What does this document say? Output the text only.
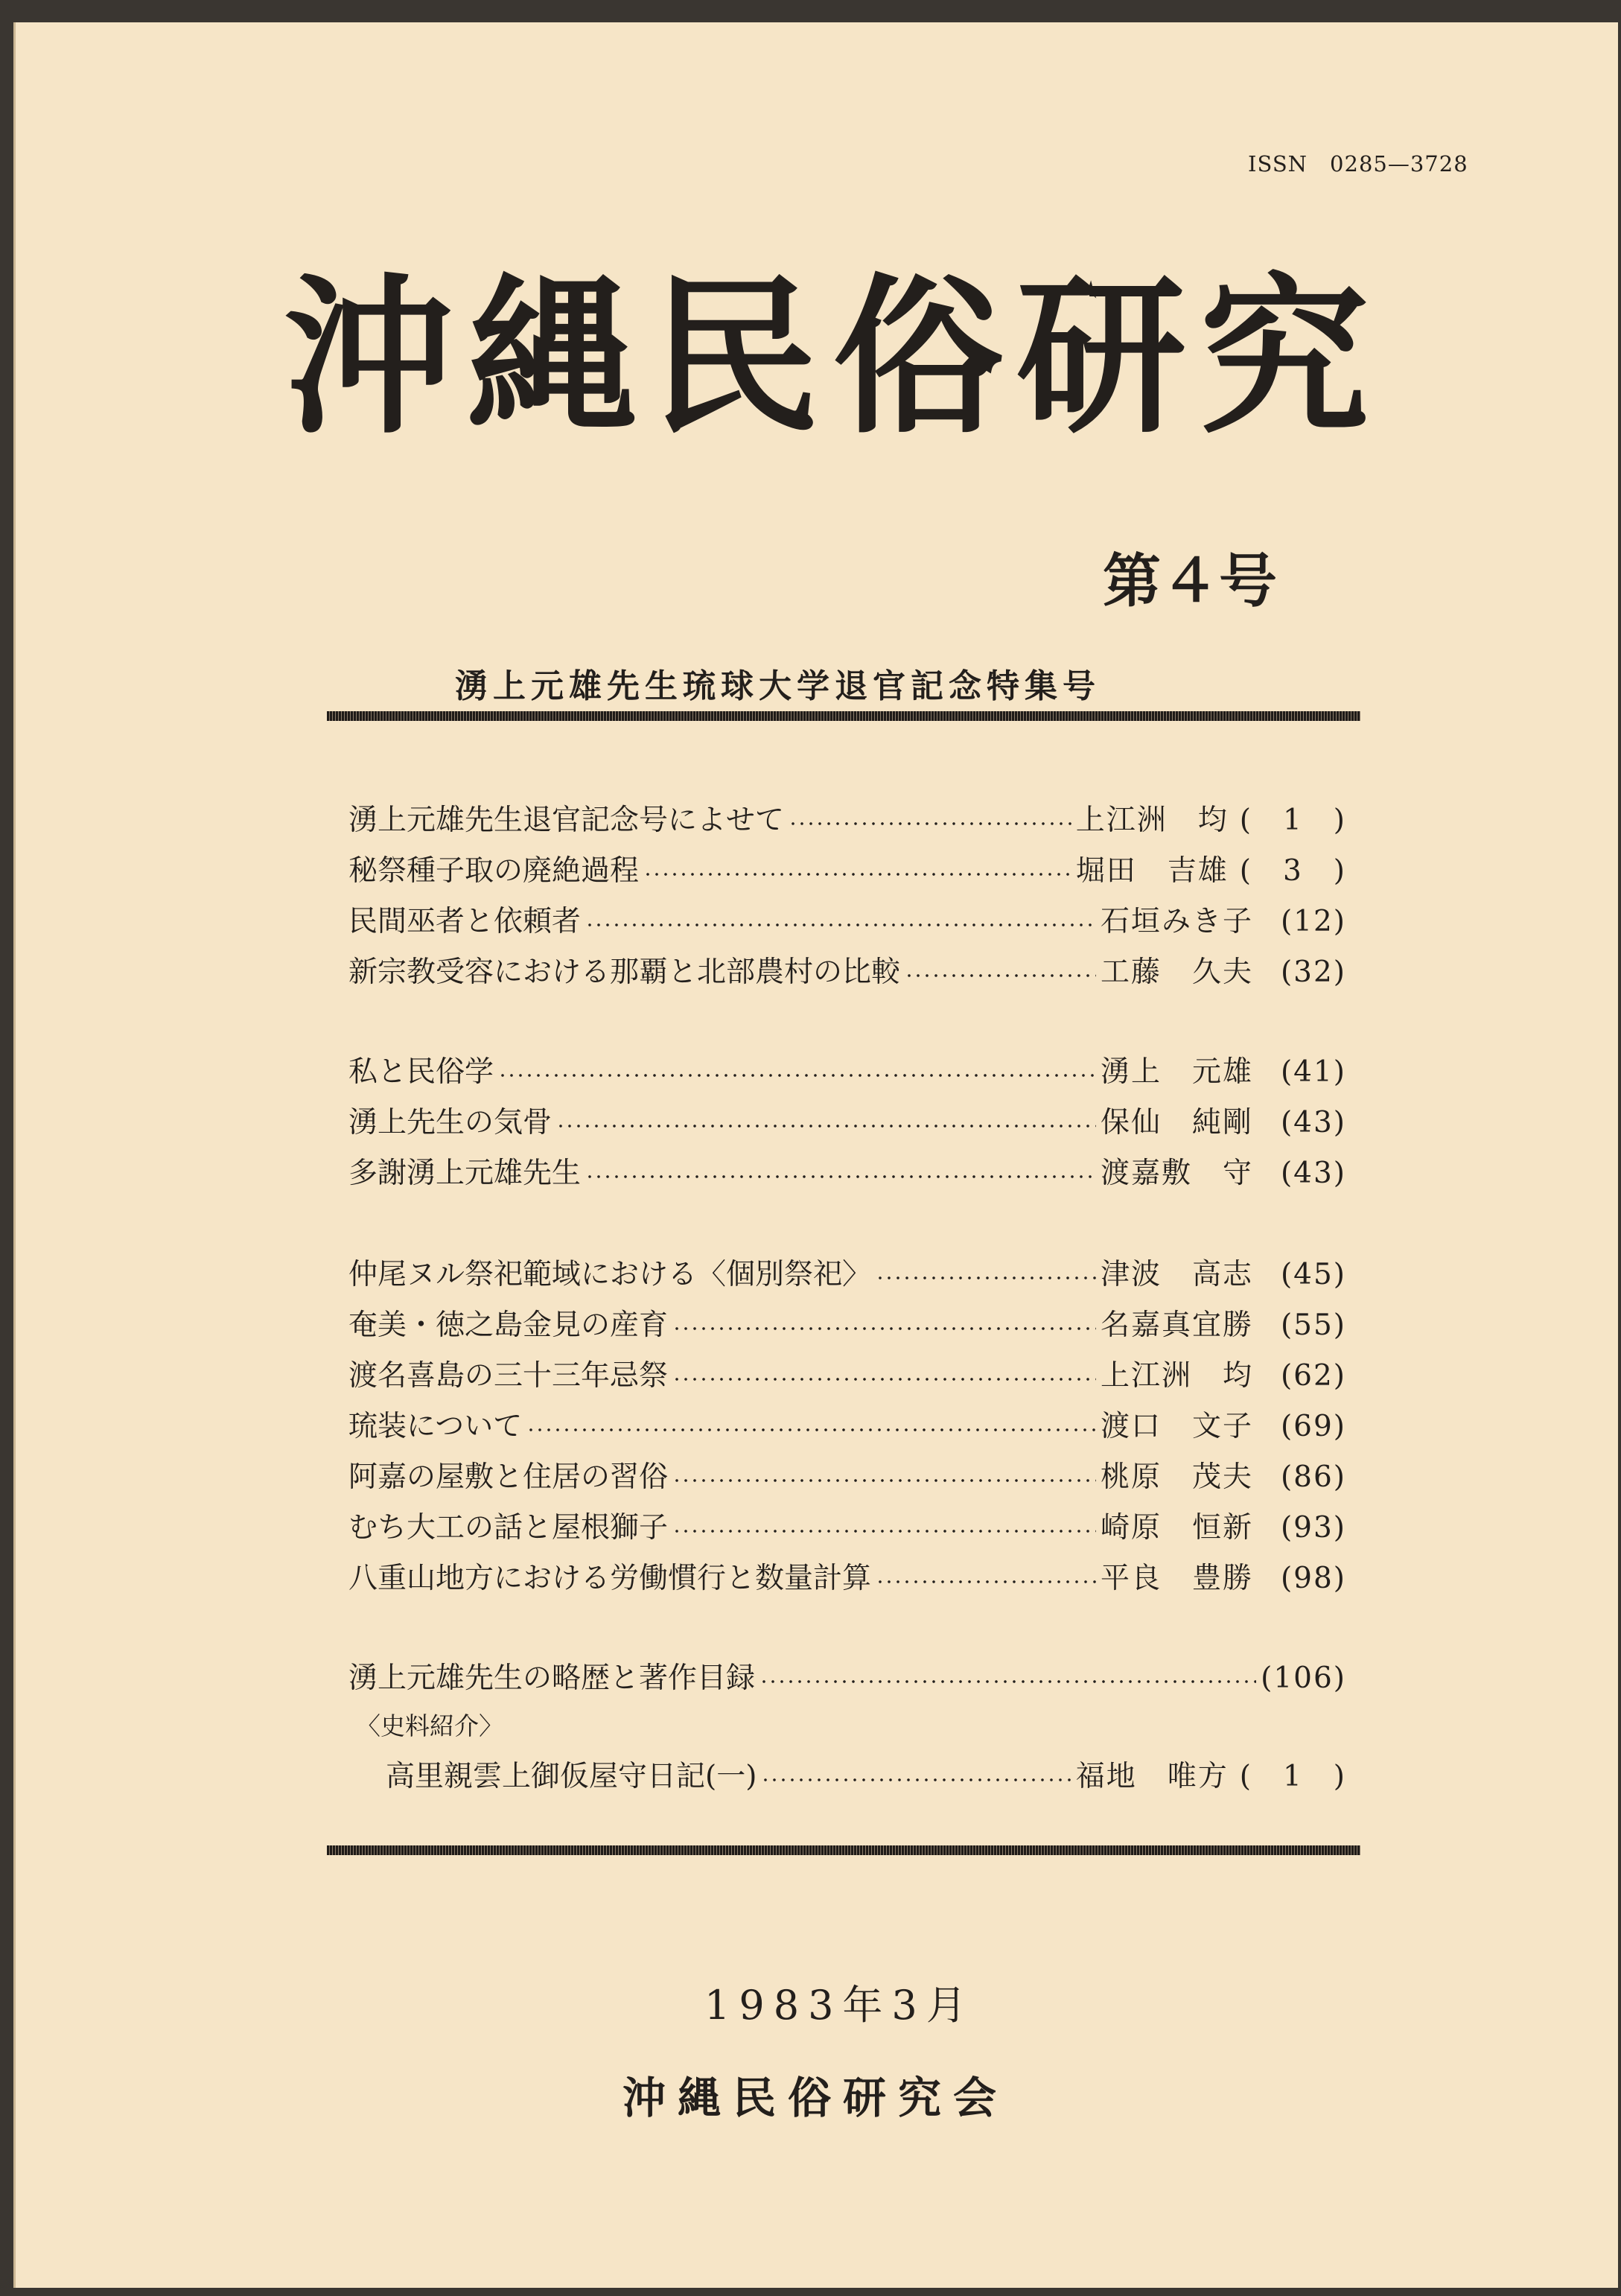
ISSN　0285—3728
沖縄民俗研究
第４号
湧上元雄先生琉球大学退官記念特集号
湧上元雄先生退官記念号によせて	上江洲　均 (　1　)
秘祭種子取の廃絶過程	堀田　吉雄 (　3　)
民間巫者と依頼者	石垣みき子 (12)
新宗教受容における那覇と北部農村の比較	工藤　久夫 (32)
私と民俗学	湧上　元雄 (41)
湧上先生の気骨	保仙　純剛 (43)
多謝湧上元雄先生	渡嘉敷　守 (43)
仲尾ヌル祭祀範域における〈個別祭祀〉	津波　高志 (45)
奄美・徳之島金見の産育	名嘉真宜勝 (55)
渡名喜島の三十三年忌祭	上江洲　均 (62)
琉装について	渡口　文子 (69)
阿嘉の屋敷と住居の習俗	桃原　茂夫 (86)
むち大工の話と屋根獅子	崎原　恒新 (93)
八重山地方における労働慣行と数量計算	平良　豊勝 (98)
湧上元雄先生の略歴と著作目録	(106)
〈史料紹介〉
高里親雲上御仮屋守日記(一)	福地　唯方 (　1　)
1983年3月
沖縄民俗研究会
